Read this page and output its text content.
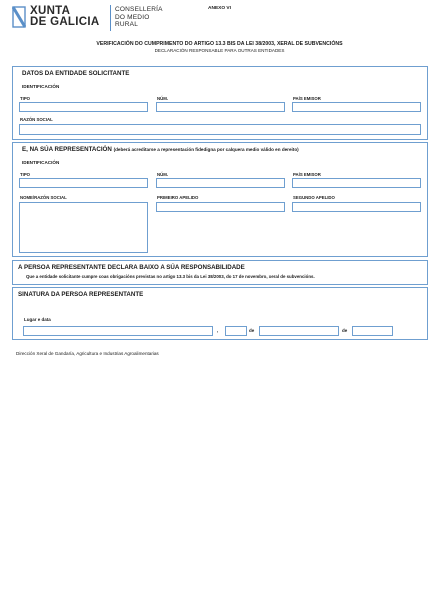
XUNTA
DE GALICIA
CONSELLERÍA
DO MEDIO
RURAL
ANEXO VI
VERIFICACIÓN DO CUMPRIMENTO DO ARTIGO 13.3 BIS DA LEI 38/2003, XERAL DE SUBVENCIÓNS
DECLARACIÓN RESPONSABLE PARA OUTRAS ENTIDADES
DATOS DA ENTIDADE SOLICITANTE
IDENTIFICACIÓN
TIPO	NÚM.	PAÍS EMISOR
RAZÓN SOCIAL
E, NA SÚA REPRESENTACIÓN (deberá acreditarse a representación fidedigna por calquera medio válido en dereito)
IDENTIFICACIÓN
TIPO	NÚM.	PAÍS EMISOR
NOME/RAZÓN SOCIAL	PRIMEIRO APELIDO	SEGUNDO APELIDO
A PERSOA REPRESENTANTE DECLARA BAIXO A SÚA RESPONSABILIDADE
Que a entidade solicitante cumpre coas obrigacións previstas no artigo 13.3 bis da Lei 38/2003, do 17 de novembro, xeral de subvencións.
SINATURA DA PERSOA REPRESENTANTE
Lugar e data
,	de	de
Dirección Xeral de Gandaría, Agricultura e Industrias Agroalimentarias
